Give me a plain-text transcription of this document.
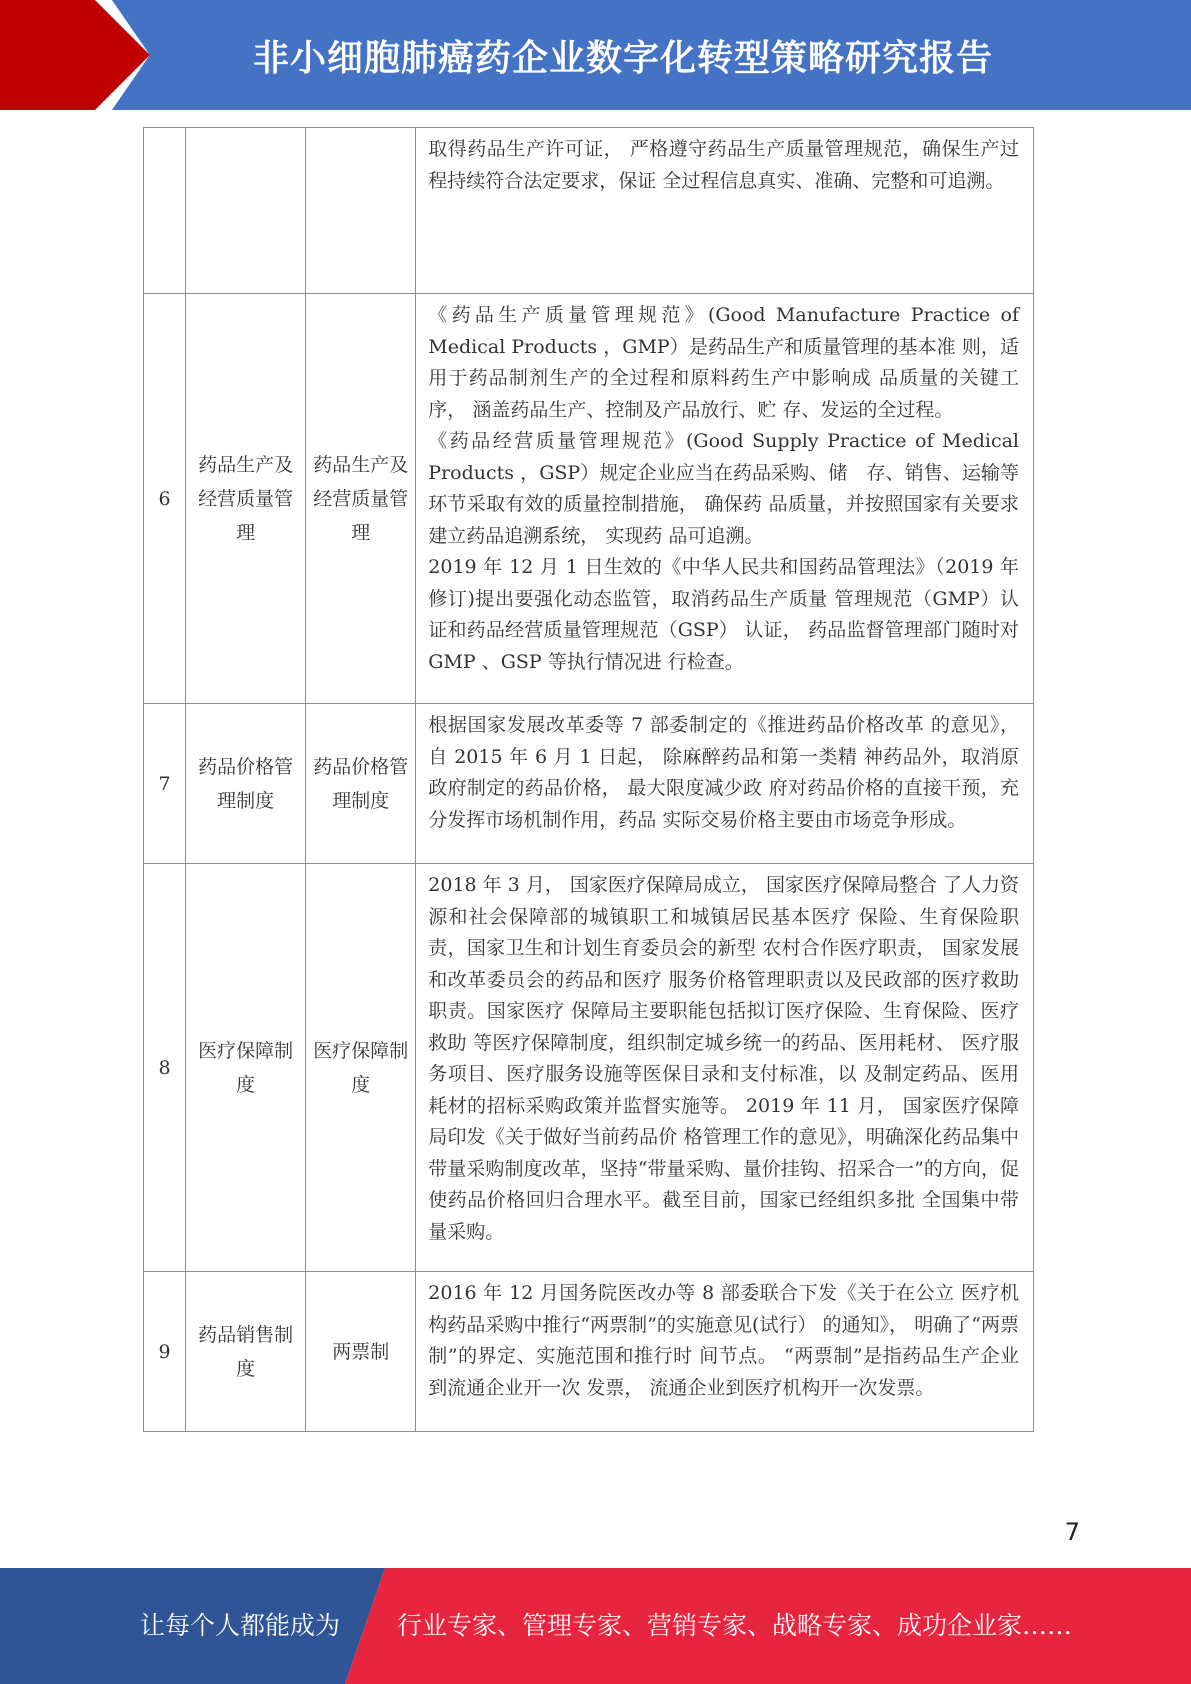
非小细胞肺癌药企业数字化转型策略研究报告

			取得药品生产许可证， 严格遵守药品生产质量管理规范，确保生产过程持续符合法定要求，保证 全过程信息真实、准确、完整和可追溯。

6	药品生产及经营质量管理	药品生产及经营质量管理	《药品生产质量管理规范》(Good Manufacture Practice of Medical Products ，GMP）是药品生产和质量管理的基本准 则，适用于药品制剂生产的全过程和原料药生产中影响成 品质量的关键工序， 涵盖药品生产、控制及产品放行、贮 存、发运的全过程。

《药品经营质量管理规范》(Good Supply Practice of Medical Products ，GSP）规定企业应当在药品采购、储　存、销售、运输等环节采取有效的质量控制措施， 确保药 品质量，并按照国家有关要求建立药品追溯系统， 实现药 品可追溯。

2019 年 12 月 1 日生效的《中华人民共和国药品管理法》（2019 年修订)提出要强化动态监管，取消药品生产质量 管理规范（GMP）认证和药品经营质量管理规范（GSP） 认证， 药品监督管理部门随时对 GMP 、GSP 等执行情况进 行检查。

7	药品价格管理制度	药品价格管理制度	根据国家发展改革委等 7 部委制定的《推进药品价格改革 的意见》， 自 2015 年 6 月 1 日起， 除麻醉药品和第一类精 神药品外，取消原政府制定的药品价格， 最大限度减少政 府对药品价格的直接干预，充分发挥市场机制作用，药品 实际交易价格主要由市场竞争形成。

8	医疗保障制度	医疗保障制度	2018 年 3 月， 国家医疗保障局成立， 国家医疗保障局整合 了人力资源和社会保障部的城镇职工和城镇居民基本医疗 保险、生育保险职责，国家卫生和计划生育委员会的新型 农村合作医疗职责， 国家发展和改革委员会的药品和医疗 服务价格管理职责以及民政部的医疗救助职责。国家医疗 保障局主要职能包括拟订医疗保险、生育保险、医疗救助 等医疗保障制度，组织制定城乡统一的药品、医用耗材、 医疗服务项目、医疗服务设施等医保目录和支付标准，以 及制定药品、医用耗材的招标采购政策并监督实施等。 2019 年 11 月， 国家医疗保障局印发《关于做好当前药品价 格管理工作的意见》，明确深化药品集中带量采购制度改革，坚持“带量采购、量价挂钩、招采合一”的方向，促 使药品价格回归合理水平。截至目前，国家已经组织多批 全国集中带量采购。

9	药品销售制度	两票制	2016 年 12 月国务院医改办等 8 部委联合下发《关于在公立 医疗机构药品采购中推行“两票制”的实施意见(试行） 的通知》， 明确了“两票制”的界定、实施范围和推行时 间节点。 “两票制”是指药品生产企业到流通企业开一次 发票， 流通企业到医疗机构开一次发票。

7
让每个人都能成为 行业专家、管理专家、营销专家、战略专家、成功企业家……
